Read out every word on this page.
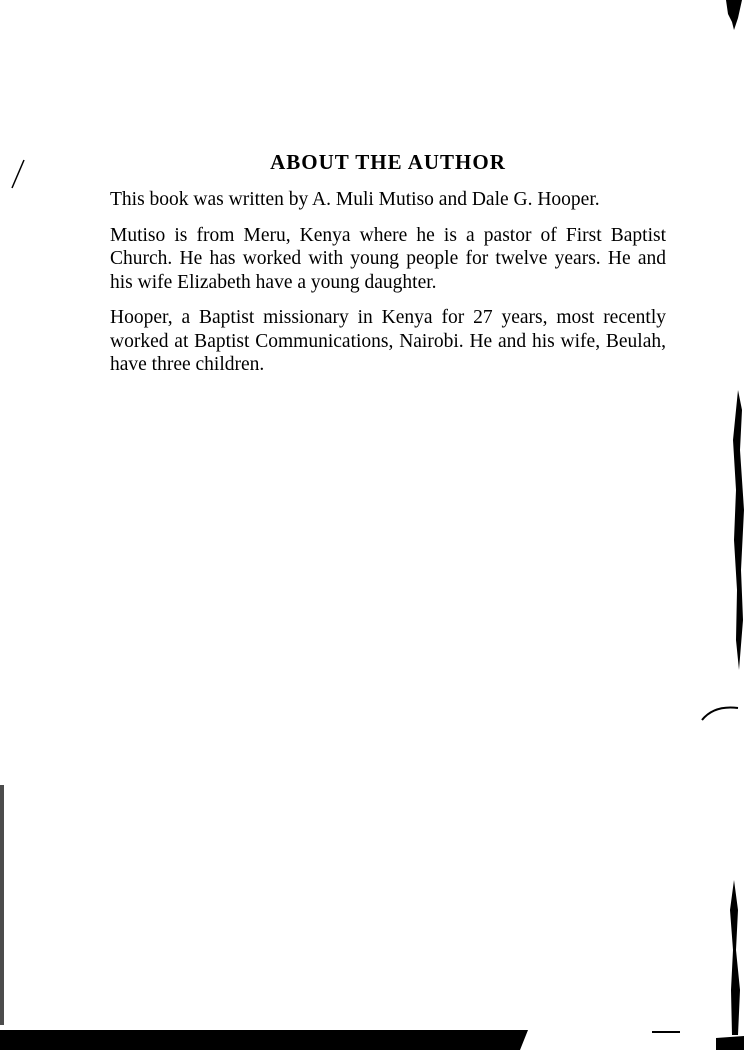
ABOUT THE AUTHOR

This book was written by A. Muli Mutiso and Dale G. Hooper.

Mutiso is from Meru, Kenya where he is a pastor of First Baptist Church. He has worked with young people for twelve years. He and his wife Elizabeth have a young daughter.

Hooper, a Baptist missionary in Kenya for 27 years, most recently worked at Baptist Communications, Nairobi. He and his wife, Beulah, have three children.
